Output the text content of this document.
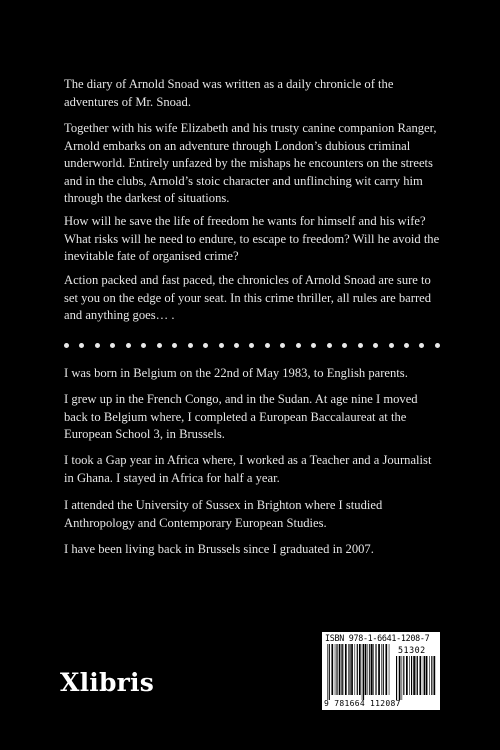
The diary of Arnold Snoad was written as a daily chronicle of the adventures of Mr. Snoad.

Together with his wife Elizabeth and his trusty canine companion Ranger, Arnold embarks on an adventure through London’s dubious criminal underworld. Entirely unfazed by the mishaps he encounters on the streets and in the clubs, Arnold’s stoic character and unflinching wit carry him through the darkest of situations.

How will he save the life of freedom he wants for himself and his wife? What risks will he need to endure, to escape to freedom? Will he avoid the inevitable fate of organised crime?

Action packed and fast paced, the chronicles of Arnold Snoad are sure to set you on the edge of your seat. In this crime thriller, all rules are barred and anything goes… .

I was born in Belgium on the 22nd of May 1983, to English parents.

I grew up in the French Congo, and in the Sudan. At age nine I moved back to Belgium where, I completed a European Baccalaureat at the European School 3, in Brussels.

I took a Gap year in Africa where, I worked as a Teacher and a Journalist in Ghana. I stayed in Africa for half a year.

I attended the University of Sussex in Brighton where I studied Anthropology and Contemporary European Studies.

I have been living back in Brussels since I graduated in 2007.

Xlibris
ISBN 978-1-6641-1208-7
51302
9 781664 112087
